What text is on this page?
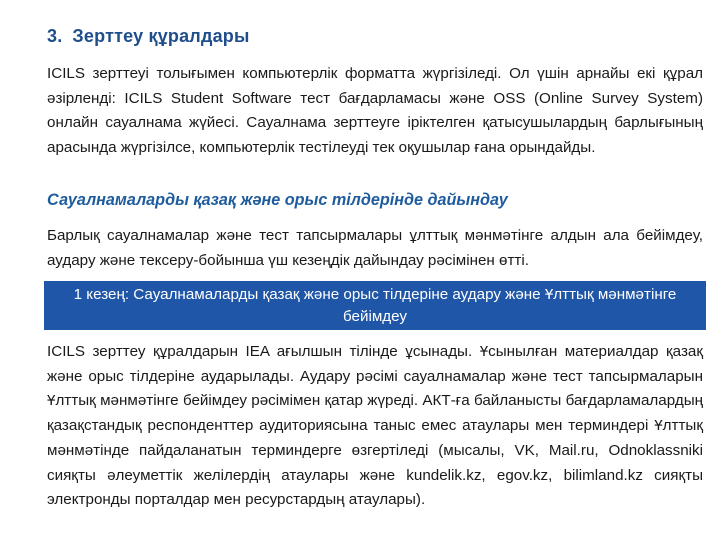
3. Зерттеу құралдары
ICILS зерттеуі толығымен компьютерлік форматта жүргізіледі. Ол үшін арнайы екі құрал әзірленді: ICILS Student Software тест бағдарламасы және OSS (Online Survey System) онлайн сауалнама жүйесі. Сауалнама зерттеуге іріктелген қатысушылардың барлығының арасында жүргізілсе, компьютерлік тестілеуді тек оқушылар ғана орындайды.
Сауалнамаларды қазақ және орыс тілдерінде дайындау
Барлық сауалнамалар және тест тапсырмалары ұлттық мәнмәтінге алдын ала бейімдеу, аудару және тексеру-бойынша үш кезеңдік дайындау рәсімінен өтті.
1 кезең: Сауалнамаларды қазақ және орыс тілдеріне аудару және Ұлттық мәнмәтінге бейімдеу
ICILS зерттеу құралдарын IEA ағылшын тілінде ұсынады. Ұсынылған материалдар қазақ және орыс тілдеріне аударылады. Аудару рәсімі сауалнамалар және тест тапсырмаларын Ұлттық мәнмәтінге бейімдеу рәсімімен қатар жүреді. АКТ-ға байланысты бағдарламалардың қазақстандық респонденттер аудиториясына таныс емес атаулары мен терминдері Ұлттық мәнмәтінде пайдаланатын терминдерге өзгертіледі (мысалы, VK, Mail.ru, Odnoklassniki сияқты әлеуметтік желілердің атаулары және kundelik.kz, egov.kz, bilimland.kz сияқты электронды порталдар мен ресурстардың атаулары).
